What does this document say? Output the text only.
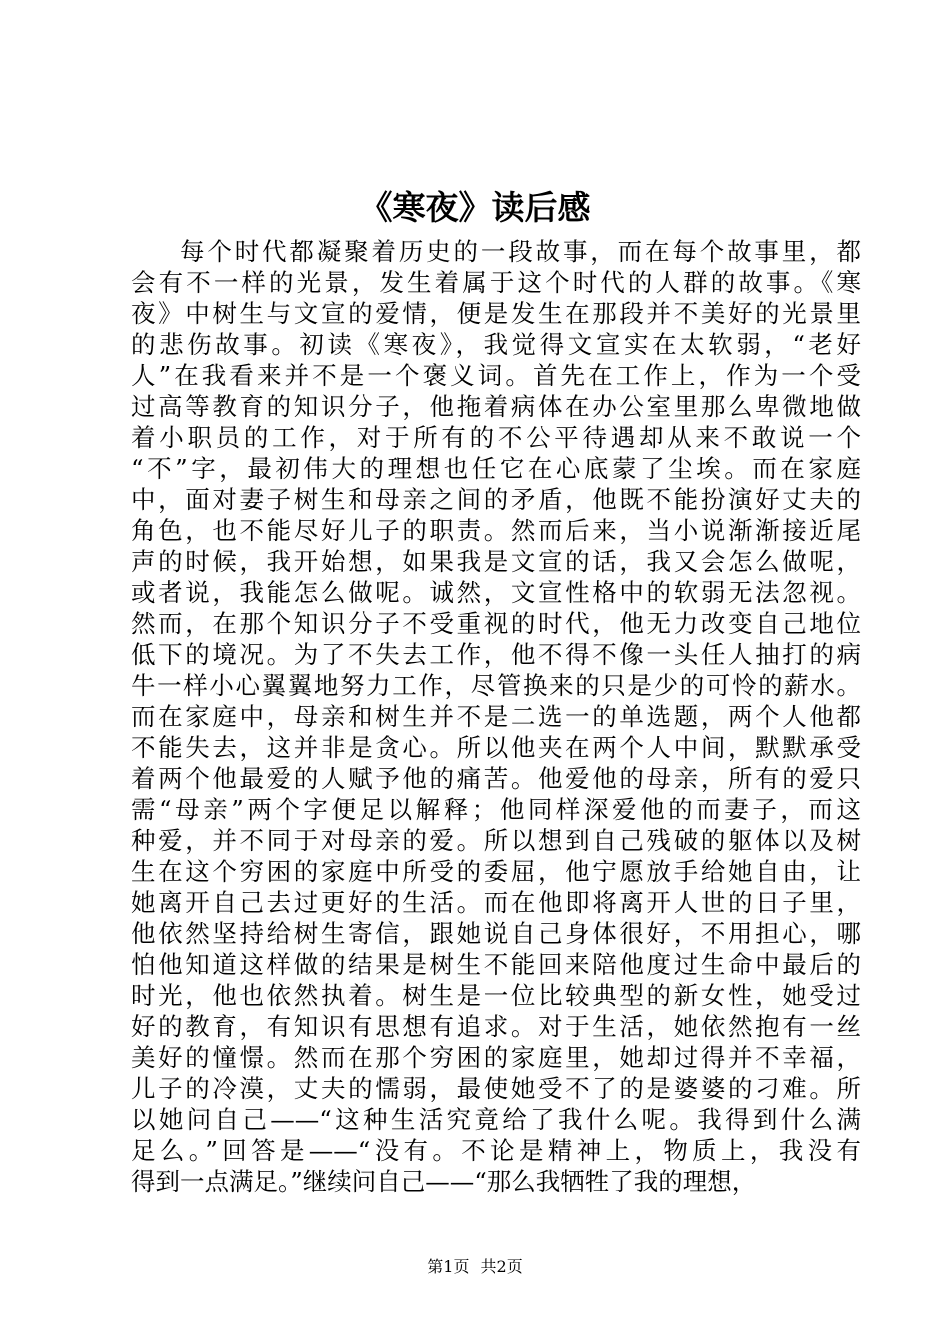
《寒夜》读后感
每个时代都凝聚着历史的一段故事，而在每个故事里，都
会有不一样的光景，发生着属于这个时代的人群的故事。《寒
夜》中树生与文宣的爱情，便是发生在那段并不美好的光景里
的悲伤故事。初读《寒夜》，我觉得文宣实在太软弱，“老好
人”在我看来并不是一个褒义词。首先在工作上，作为一个受
过高等教育的知识分子，他拖着病体在办公室里那么卑微地做
着小职员的工作，对于所有的不公平待遇却从来不敢说一个
“不”字，最初伟大的理想也任它在心底蒙了尘埃。而在家庭
中，面对妻子树生和母亲之间的矛盾，他既不能扮演好丈夫的
角色，也不能尽好儿子的职责。然而后来，当小说渐渐接近尾
声的时候，我开始想，如果我是文宣的话，我又会怎么做呢，
或者说，我能怎么做呢。诚然，文宣性格中的软弱无法忽视。
然而，在那个知识分子不受重视的时代，他无力改变自己地位
低下的境况。为了不失去工作，他不得不像一头任人抽打的病
牛一样小心翼翼地努力工作，尽管换来的只是少的可怜的薪水。
而在家庭中，母亲和树生并不是二选一的单选题，两个人他都
不能失去，这并非是贪心。所以他夹在两个人中间，默默承受
着两个他最爱的人赋予他的痛苦。他爱他的母亲，所有的爱只
需“母亲”两个字便足以解释；他同样深爱他的而妻子，而这
种爱，并不同于对母亲的爱。所以想到自己残破的躯体以及树
生在这个穷困的家庭中所受的委屈，他宁愿放手给她自由，让
她离开自己去过更好的生活。而在他即将离开人世的日子里，
他依然坚持给树生寄信，跟她说自己身体很好，不用担心，哪
怕他知道这样做的结果是树生不能回来陪他度过生命中最后的
时光，他也依然执着。树生是一位比较典型的新女性，她受过
好的教育，有知识有思想有追求。对于生活，她依然抱有一丝
美好的憧憬。然而在那个穷困的家庭里，她却过得并不幸福，
儿子的冷漠，丈夫的懦弱，最使她受不了的是婆婆的刁难。所
以她问自己——“这种生活究竟给了我什么呢。我得到什么满
足么。”回答是——“没有。不论是精神上，物质上，我没有
得到一点满足。”继续问自己——“那么我牺牲了我的理想，
第1页 共2页
